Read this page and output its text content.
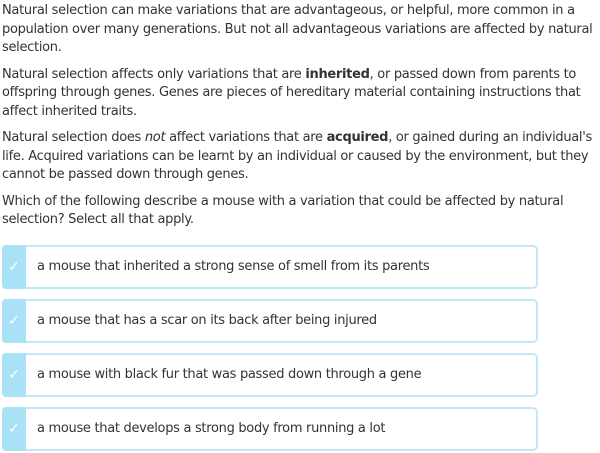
Natural selection can make variations that are advantageous, or helpful, more common in a population over many generations. But not all advantageous variations are affected by natural selection.

Natural selection affects only variations that are inherited, or passed down from parents to offspring through genes. Genes are pieces of hereditary material containing instructions that affect inherited traits.

Natural selection does not affect variations that are acquired, or gained during an individual's life. Acquired variations can be learnt by an individual or caused by the environment, but they cannot be passed down through genes.

Which of the following describe a mouse with a variation that could be affected by natural selection? Select all that apply.

✓ a mouse that inherited a strong sense of smell from its parents
✓ a mouse that has a scar on its back after being injured
✓ a mouse with black fur that was passed down through a gene
✓ a mouse that develops a strong body from running a lot
